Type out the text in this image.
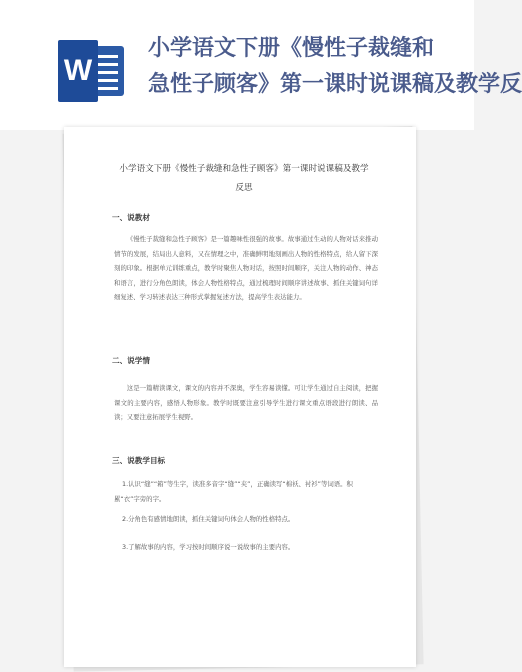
W
小学语文下册《慢性子裁缝和
急性子顾客》第一课时说课稿及教学反
小学语文下册《慢性子裁缝和急性子顾客》第一课时说课稿及教学
反思
一、说教材
《慢性子裁缝和急性子顾客》是一篇趣味性很强的故事。故事通过生动的人物对话来推动情节的发展，结局出人意料，又在情理之中，准确鲜明地刻画出人物的性格特点，给人留下深刻的印象。根据单元训练重点，教学时聚焦人物对话，按照时间顺序，关注人物的动作、神态和语言，进行分角色朗读，体会人物性格特点，通过梳理时间顺序讲述故事、抓住关键词句详细复述、学习转述表达三种形式掌握复述方法，提高学生表达能力。
二、说学情
这是一篇精读课文，课文的内容并不深奥，学生容易读懂。可让学生通过自主阅读，把握课文的主要内容，感悟人物形象。教学时既要注意引导学生进行课文重点语段进行朗读、品读；又要注意拓展学生视野。
三、说教学目标
1.认识“缝”“箱”等生字，读准多音字“缝”“夹”，正确读写“棉袄、衬衫”等词语。积累“衣”字旁的字。
2.分角色有感情地朗读，抓住关键词句体会人物的性格特点。
3.了解故事的内容，学习按时间顺序说一说故事的主要内容。
